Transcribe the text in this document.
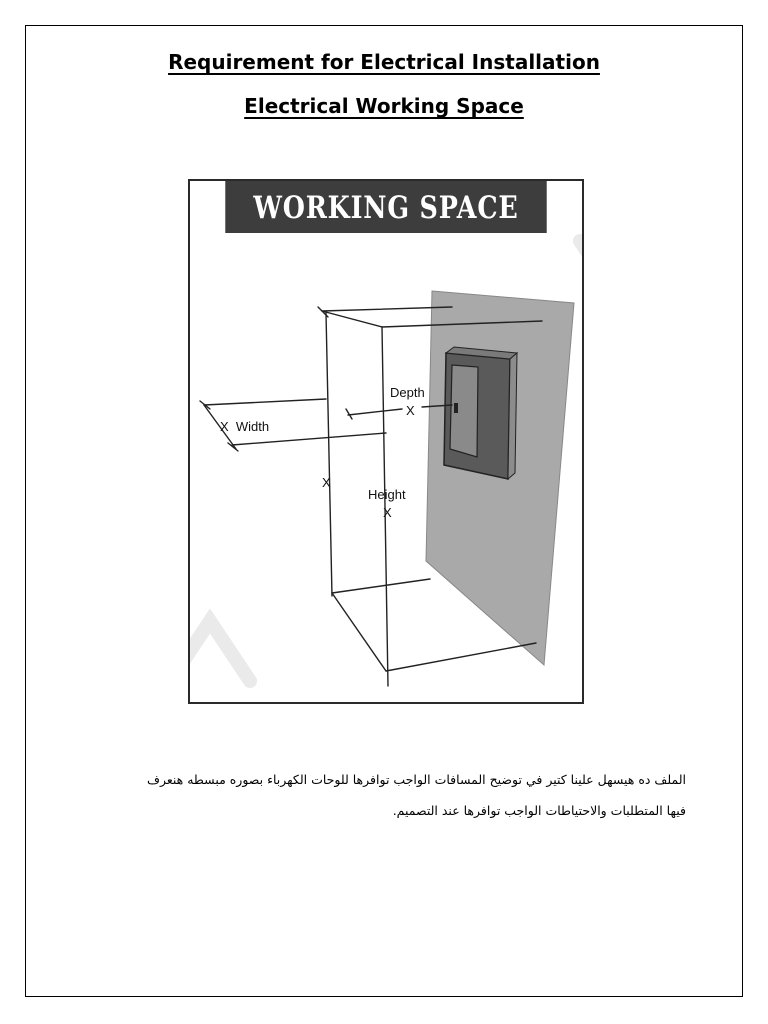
Requirement for Electrical Installation
Electrical Working Space
Depth
X
X  Width
X
Height
X
WORKING SPACE
الملف ده هيسهل علينا كتير في توضيح المسافات الواجب توافرها للوحات الكهرباء بصوره مبسطه هنعرف
فيها المتطلبات والاحتياطات الواجب توافرها عند التصميم.
